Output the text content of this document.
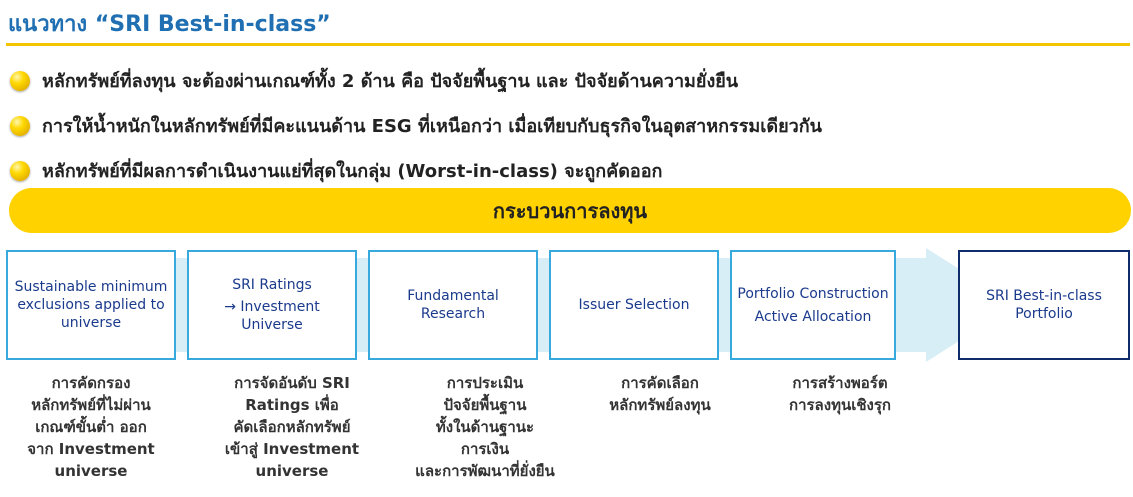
แนวทาง “SRI Best-in-class”
หลักทรัพย์ที่ลงทุน จะต้องผ่านเกณฑ์ทั้ง 2 ด้าน คือ ปัจจัยพื้นฐาน และ ปัจจัยด้านความยั่งยืน
การให้น้ำหนักในหลักทรัพย์ที่มีคะแนนด้าน ESG ที่เหนือกว่า เมื่อเทียบกับธุรกิจในอุตสาหกรรมเดียวกัน
หลักทรัพย์ที่มีผลการดำเนินงานแย่ที่สุดในกลุ่ม (Worst-in-class) จะถูกคัดออก
กระบวนการลงทุน
Sustainable minimum
exclusions applied to
universe
SRI Ratings
→ Investment
Universe
Fundamental
Research
Issuer Selection
Portfolio Construction
Active Allocation
SRI Best-in-class
Portfolio
การคัดกรอง
หลักทรัพย์ที่ไม่ผ่าน
เกณฑ์ขั้นต่ำ ออก
จาก Investment
universe
การจัดอันดับ SRI
Ratings เพื่อ
คัดเลือกหลักทรัพย์
เข้าสู่ Investment
universe
การประเมิน
ปัจจัยพื้นฐาน
ทั้งในด้านฐานะ
การเงิน
และการพัฒนาที่ยั่งยืน
การคัดเลือก
หลักทรัพย์ลงทุน
การสร้างพอร์ต
การลงทุนเชิงรุก
